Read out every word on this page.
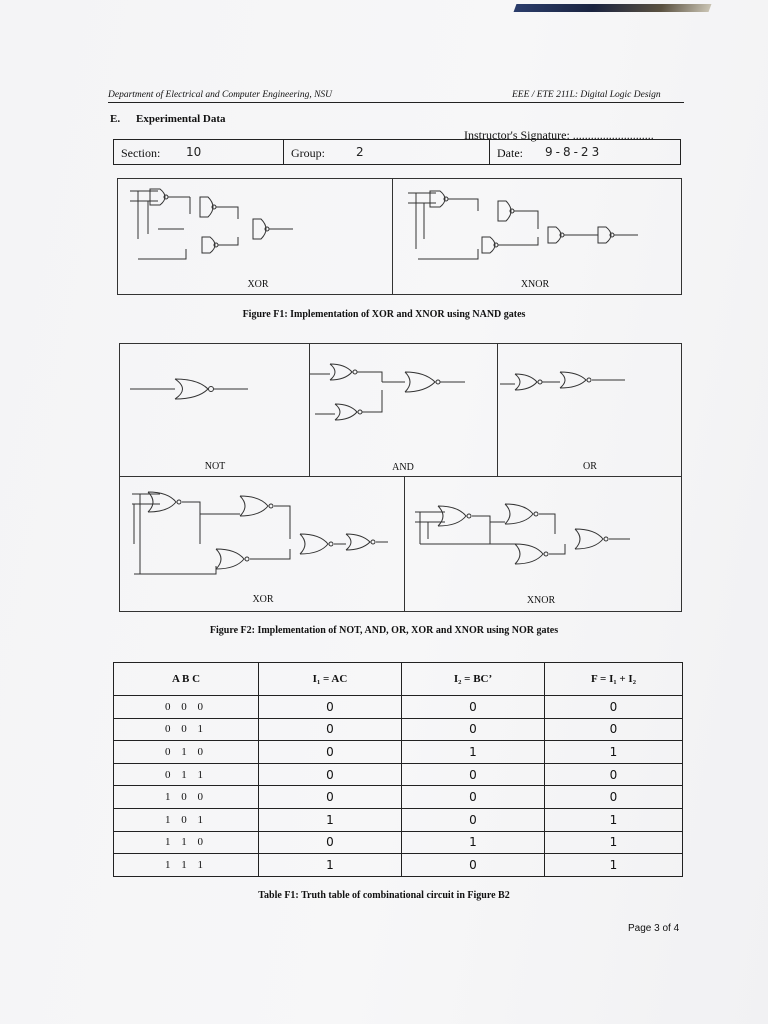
Department of Electrical and Computer Engineering, NSU	EEE / ETE 211L: Digital Logic Design
E. Experimental Data
Instructor's Signature: ...........................
Section: 10	Group:	2	Date: 9-8-23
XOR	XNOR
Figure F1: Implementation of XOR and XNOR using NAND gates
NOT	AND	OR
XOR	XNOR
Figure F2: Implementation of NOT, AND, OR, XOR and XNOR using NOR gates
A B C	I₁ = AC	I₂ = BC’	F = I₁ + I₂
0 0 0	0	0	0
0 0 1	0	0	0
0 1 0	0	1	1
0 1 1	0	0	0
1 0 0	0	0	0
1 0 1	1	0	1
1 1 0	0	1	1
1 1 1	1	0	1
Table F1: Truth table of combinational circuit in Figure B2
Page 3 of 4
